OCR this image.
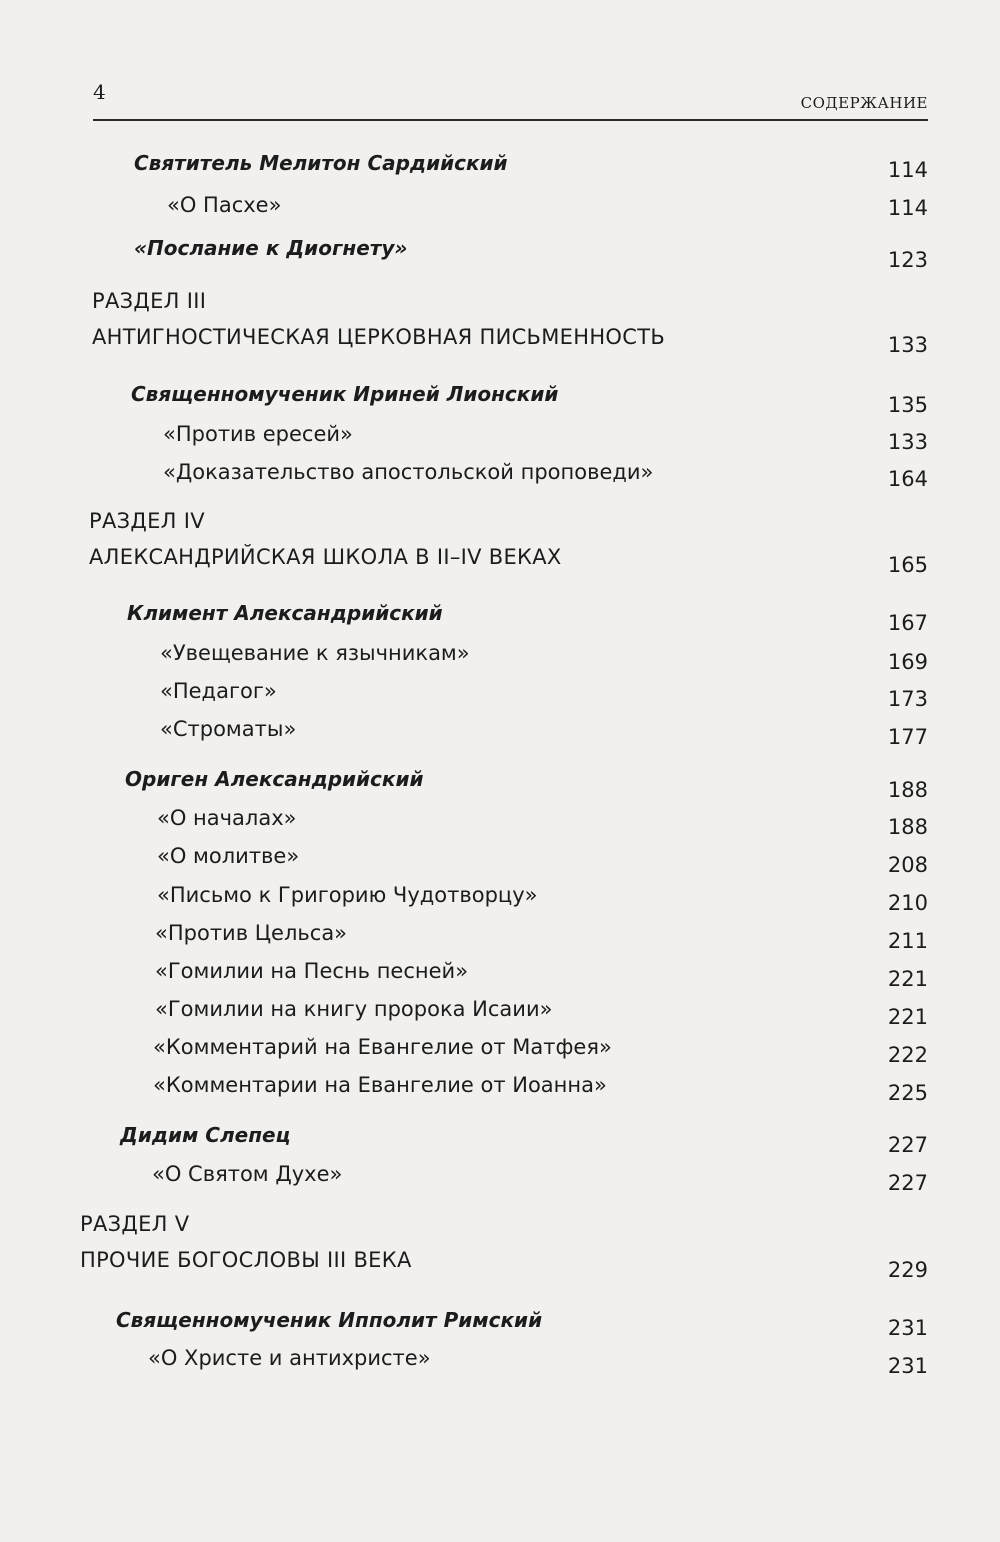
4	СОДЕРЖАНИЕ
Святитель Мелитон Сардийский	114
«О Пасхе»	114
«Послание к Диогнету»	123
РАЗДЕЛ III
АНТИГНОСТИЧЕСКАЯ ЦЕРКОВНАЯ ПИСЬМЕННОСТЬ	133
Священномученик Ириней Лионский	135
«Против ересей»	133
«Доказательство апостольской проповеди»	164
РАЗДЕЛ IV
АЛЕКСАНДРИЙСКАЯ ШКОЛА В II–IV ВЕКАХ	165
Климент Александрийский	167
«Увещевание к язычникам»	169
«Педагог»	173
«Строматы»	177
Ориген Александрийский	188
«О началах»	188
«О молитве»	208
«Письмо к Григорию Чудотворцу»	210
«Против Цельса»	211
«Гомилии на Песнь песней»	221
«Гомилии на книгу пророка Исаии»	221
«Комментарий на Евангелие от Матфея»	222
«Комментарии на Евангелие от Иоанна»	225
Дидим Слепец	227
«О Святом Духе»	227
РАЗДЕЛ V
ПРОЧИЕ БОГОСЛОВЫ III ВЕКА	229
Священномученик Ипполит Римский	231
«О Христе и антихристе»	231
